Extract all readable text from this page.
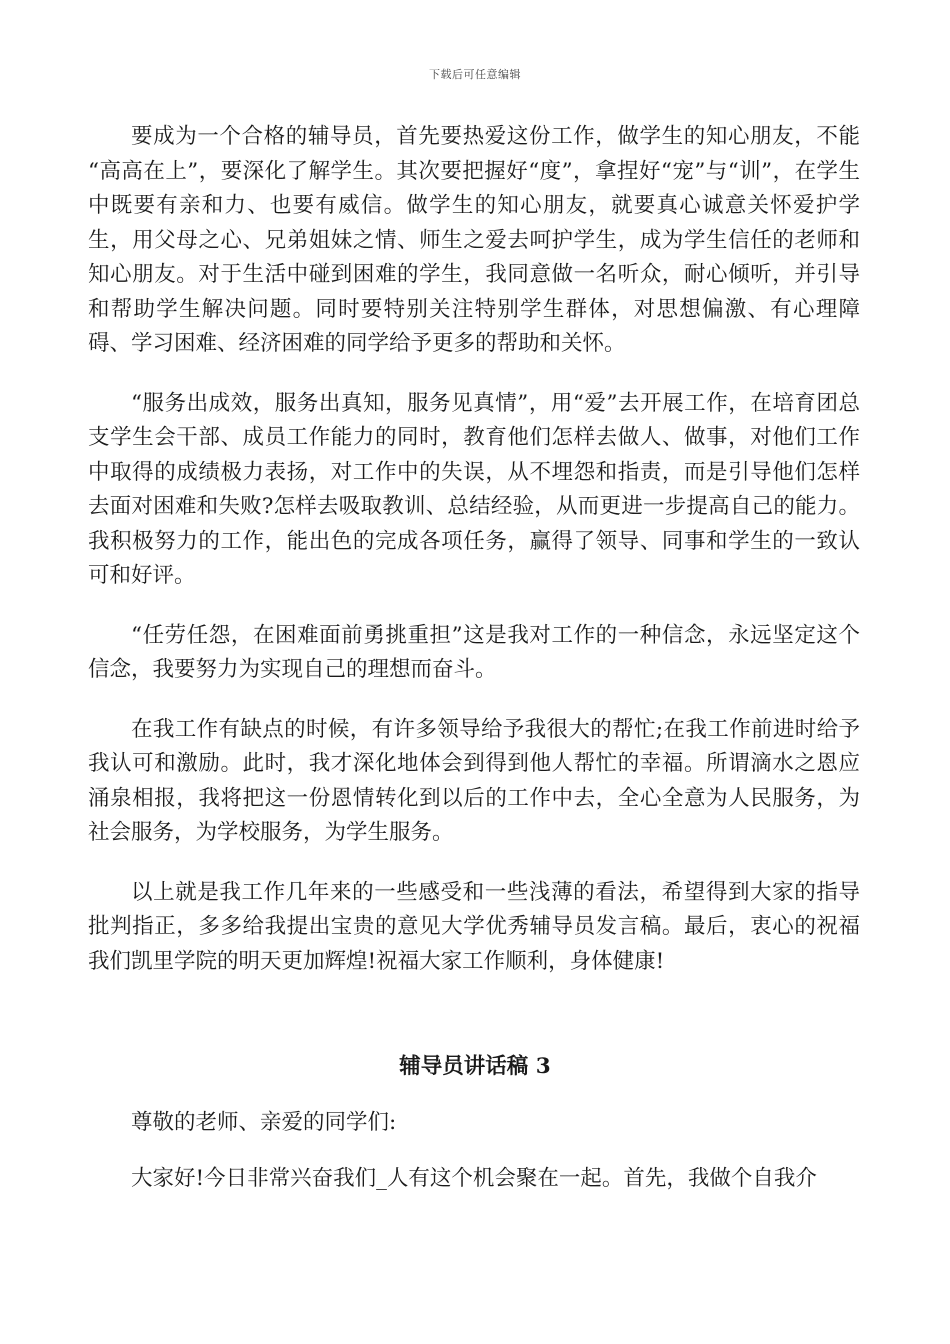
下载后可任意编辑

要成为一个合格的辅导员，首先要热爱这份工作，做学生的知心朋友，不能 “高高在上”，要深化了解学生。其次要把握好“度”，拿捏好“宠”与“训”，在学生中既要有亲和力、也要有威信。做学生的知心朋友，就要真心诚意关怀爱护学生，用父母之心、兄弟姐妹之情、师生之爱去呵护学生，成为学生信任的老师和知心朋友。对于生活中碰到困难的学生，我同意做一名听众，耐心倾听，并引导和帮助学生解决问题。同时要特别关注特别学生群体，对思想偏激、有心理障碍、学习困难、经济困难的同学给予更多的帮助和关怀。

“服务出成效，服务出真知，服务见真情”，用“爱”去开展工作，在培育团总支学生会干部、成员工作能力的同时，教育他们怎样去做人、做事，对他们工作中取得的成绩极力表扬，对工作中的失误，从不埋怨和指责，而是引导他们怎样去面对困难和失败?怎样去吸取教训、总结经验，从而更进一步提高自己的能力。我积极努力的工作，能出色的完成各项任务，赢得了领导、同事和学生的一致认可和好评。

“任劳任怨，在困难面前勇挑重担”这是我对工作的一种信念，永远坚定这个信念，我要努力为实现自己的理想而奋斗。

在我工作有缺点的时候，有许多领导给予我很大的帮忙;在我工作前进时给予我认可和激励。此时，我才深化地体会到得到他人帮忙的幸福。所谓滴水之恩应涌泉相报，我将把这一份恩情转化到以后的工作中去，全心全意为人民服务，为社会服务，为学校服务，为学生服务。

以上就是我工作几年来的一些感受和一些浅薄的看法，希望得到大家的指导批判指正，多多给我提出宝贵的意见大学优秀辅导员发言稿。最后，衷心的祝福我们凯里学院的明天更加辉煌!祝福大家工作顺利，身体健康!

辅导员讲话稿 3

尊敬的老师、亲爱的同学们:

大家好!今日非常兴奋我们_人有这个机会聚在一起。首先，我做个自我介
